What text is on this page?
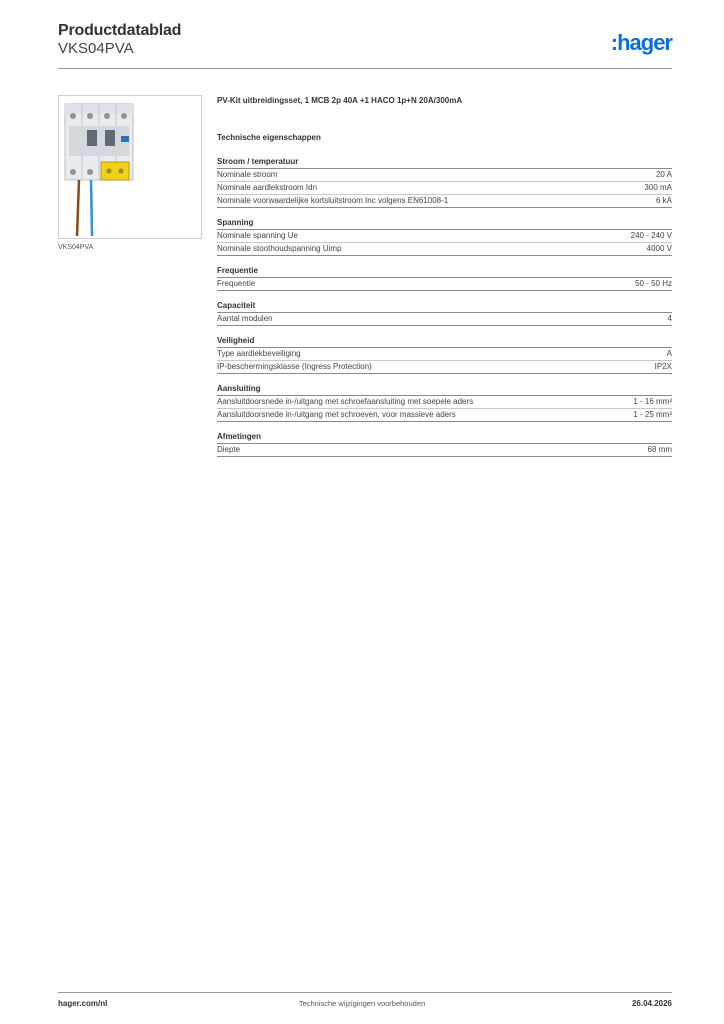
Productdatablad
VKS04PVA	:hager
VKS04PVA
PV-Kit uitbreidingsset, 1 MCB 2p 40A +1 HACO 1p+N 20A/300mA
Technische eigenschappen
Stroom / temperatuur
Nominale stroom	20 A
Nominale aardlekstroom Idn	300 mA
Nominale voorwaardelijke kortsluitstroom Inc volgens EN61008-1	6 kA
Spanning
Nominale spanning Ue	240 - 240 V
Nominale stoothoudspanning Uimp	4000 V
Frequentie
Frequentie	50 - 50 Hz
Capaciteit
Aantal modulen	4
Veiligheid
Type aardlekbeveiliging	A
IP-beschermingsklasse (Ingress Protection)	IP2X
Aansluiting
Aansluitdoorsnede in-/uitgang met schroefaansluiting met soepele aders	1 - 16 mm²
Aansluitdoorsnede in-/uitgang met schroeven, voor massieve aders	1 - 25 mm²
Afmetingen
Diepte	68 mm
hager.com/nl	Technische wijzigingen voorbehouden	26.04.2026
